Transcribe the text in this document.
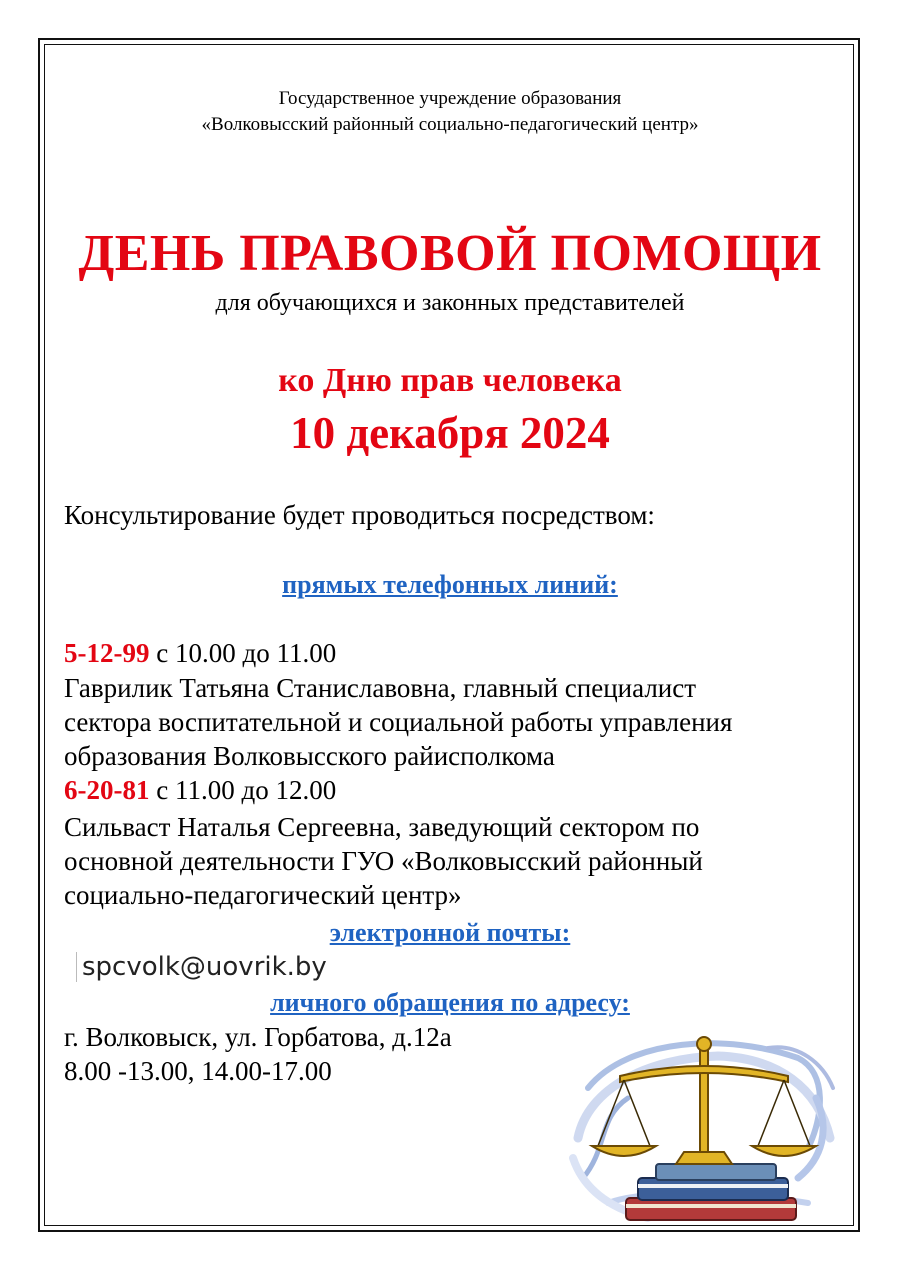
Государственное учреждение образования
«Волковысский районный социально-педагогический центр»
ДЕНЬ ПРАВОВОЙ ПОМОЩИ
для обучающихся и законных представителей
ко Дню прав человека
10 декабря 2024
Консультирование будет проводиться посредством:
прямых телефонных линий:
5-12-99 с 10.00 до 11.00
Гаврилик Татьяна Станиславовна, главный специалист
сектора воспитательной и социальной работы управления
образования Волковысского райисполкома
6-20-81 с 11.00 до 12.00
Сильваст Наталья Сергеевна, заведующий сектором по
основной деятельности ГУО «Волковысский районный
социально-педагогический центр»
электронной почты:
spcvolk@uovrik.by
личного обращения по адресу:
г. Волковыск, ул. Горбатова, д.12а
8.00 -13.00, 14.00-17.00
